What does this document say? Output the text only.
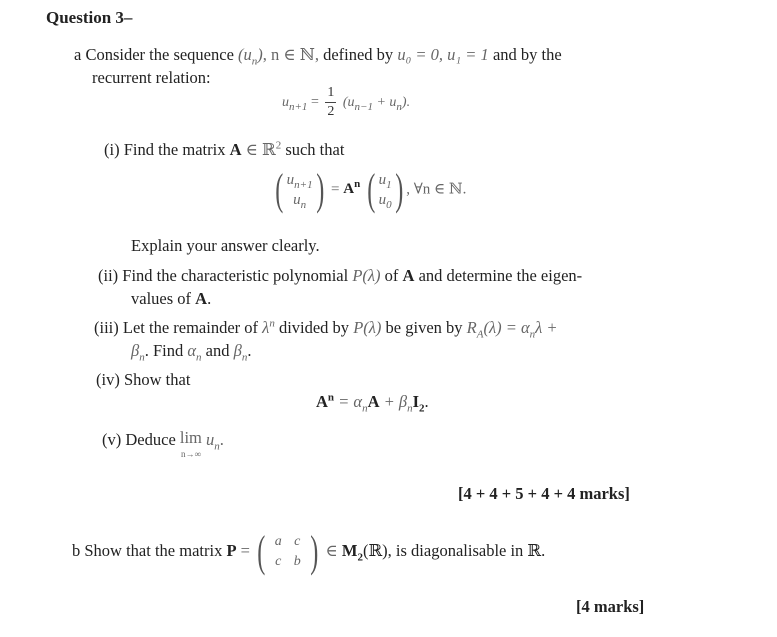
Question 3–
a Consider the sequence $(u_n)$, n ∈ ℕ, defined by u₀ = 0, u₁ = 1 and by the
recurrent relation:
$u_{n+1} = \frac{1}{2} (u_{n-1} + u_n)$.
(i) Find the matrix A ∈ ℝ$^2$ such that
( $u_{n+1}$
$u_n$ ) = $A^n$ ( $u_1$
$u_0$) , ∀n ∈ ℕ.
Explain your answer clearly.
(ii) Find the characteristic polynomial P(λ) of A and determine the eigen-
values of A.
(iii) Let the remainder of $\lambda^n$ divided by P(λ) be given by $R_A(\lambda) = \alpha_n\lambda$ +
$\beta_n$. Find $\alpha_n$ and $\beta_n$.
(iv) Show that
$A^n = \alpha_nA + \beta_nI_2$.
(v) Deduce lim

n→∞
$u_n$.
[4 + 4 + 5 + 4 + 4 marks]
b Show that the matrix P = ( a	c
c	b ) ∈ $M_2(ℝ)$, is diagonalisable in ℝ.
[4 marks]
